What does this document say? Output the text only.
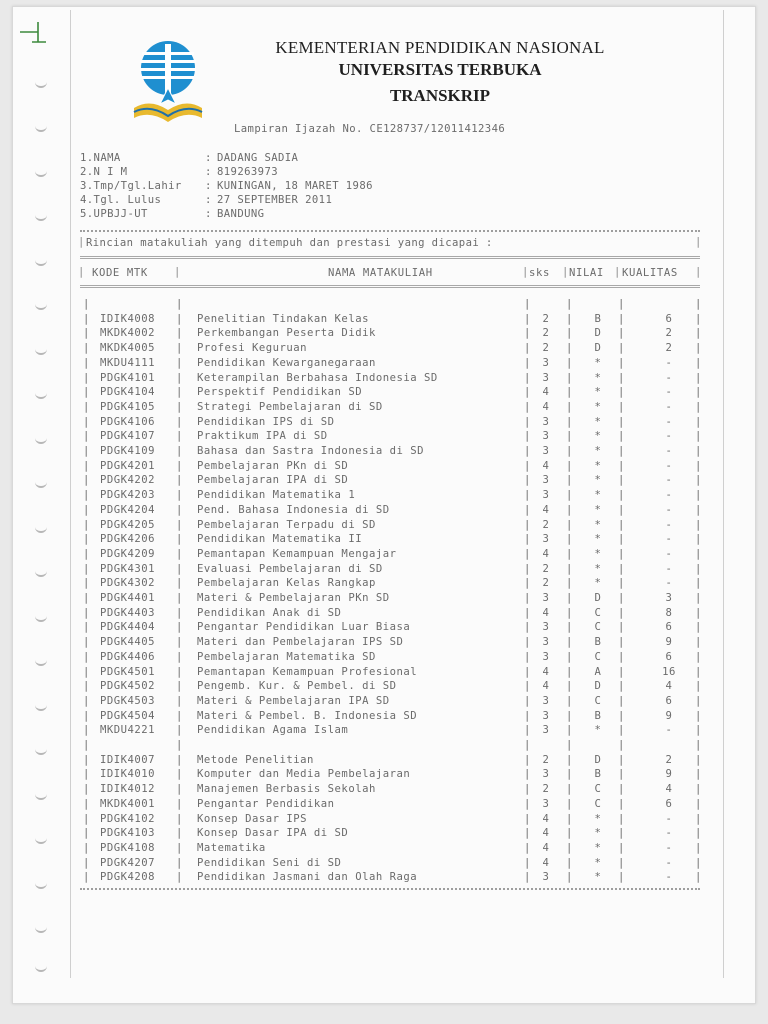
KEMENTERIAN PENDIDIKAN NASIONAL
UNIVERSITAS TERBUKA
TRANSKRIP
Lampiran Ijazah No. CE128737/12011412346
1.NAMA	: DADANG SADIA
2.N I M	: 819263973
3.Tmp/Tgl.Lahir : KUNINGAN, 18 MARET 1986
4.Tgl. Lulus	: 27 SEPTEMBER 2011
5.UPBJJ-UT	: BANDUNG
| Rincian matakuliah yang ditempuh dan prestasi yang dicapai :	|
| KODE MTK |	NAMA MATAKULIAH	| sks | NILAI | KUALITAS |
|	|	|	|	|	|
|	|	|	|	|	|
IDIK4008	Penelitian Tindakan Kelas	2	B	6
|	|	|	|	|	|
MKDK4002	Perkembangan Peserta Didik	2	D	2
|	|	|	|	|	|
MKDK4005	Profesi Keguruan	2	D	2
|	|	|	|	|	|
MKDU4111	Pendidikan Kewarganegaraan	3	*	-
|	|	|	|	|	|
PDGK4101	Keterampilan Berbahasa Indonesia SD	3	*	-
|	|	|	|	|	|
PDGK4104	Perspektif Pendidikan SD	4	*	-
|	|	|	|	|	|
PDGK4105	Strategi Pembelajaran di SD	4	*	-
|	|	|	|	|	|
PDGK4106	Pendidikan IPS di SD	3	*	-
|	|	|	|	|	|
PDGK4107	Praktikum IPA di SD	3	*	-
|	|	|	|	|	|
PDGK4109	Bahasa dan Sastra Indonesia di SD	3	*	-
|	|	|	|	|	|
PDGK4201	Pembelajaran PKn di SD	4	*	-
|	|	|	|	|	|
PDGK4202	Pembelajaran IPA di SD	3	*	-
|	|	|	|	|	|
PDGK4203	Pendidikan Matematika 1	3	*	-
|	|	|	|	|	|
PDGK4204	Pend. Bahasa Indonesia di SD	4	*	-
|	|	|	|	|	|
PDGK4205	Pembelajaran Terpadu di SD	2	*	-
|	|	|	|	|	|
PDGK4206	Pendidikan Matematika II	3	*	-
|	|	|	|	|	|
PDGK4209	Pemantapan Kemampuan Mengajar	4	*	-
|	|	|	|	|	|
PDGK4301	Evaluasi Pembelajaran di SD	2	*	-
|	|	|	|	|	|
PDGK4302	Pembelajaran Kelas Rangkap	2	*	-
|	|	|	|	|	|
PDGK4401	Materi & Pembelajaran PKn SD	3	D	3
|	|	|	|	|	|
PDGK4403	Pendidikan Anak di SD	4	C	8
|	|	|	|	|	|
PDGK4404	Pengantar Pendidikan Luar Biasa	3	C	6
|	|	|	|	|	|
PDGK4405	Materi dan Pembelajaran IPS SD	3	B	9
|	|	|	|	|	|
PDGK4406	Pembelajaran Matematika SD	3	C	6
|	|	|	|	|	|
PDGK4501	Pemantapan Kemampuan Profesional	4	A	16
|	|	|	|	|	|
PDGK4502	Pengemb. Kur. & Pembel. di SD	4	D	4
|	|	|	|	|	|
PDGK4503	Materi & Pembelajaran IPA SD	3	C	6
|	|	|	|	|	|
PDGK4504	Materi & Pembel. B. Indonesia SD	3	B	9
|	|	|	|	|	|
MKDU4221	Pendidikan Agama Islam	3	*	-
|	|	|	|	|	|
|	|	|	|	|	|
IDIK4007	Metode Penelitian	2	D	2
|	|	|	|	|	|
IDIK4010	Komputer dan Media Pembelajaran	3	B	9
|	|	|	|	|	|
IDIK4012	Manajemen Berbasis Sekolah	2	C	4
|	|	|	|	|	|
MKDK4001	Pengantar Pendidikan	3	C	6
|	|	|	|	|	|
PDGK4102	Konsep Dasar IPS	4	*	-
|	|	|	|	|	|
PDGK4103	Konsep Dasar IPA di SD	4	*	-
|	|	|	|	|	|
PDGK4108	Matematika	4	*	-
|	|	|	|	|	|
PDGK4207	Pendidikan Seni di SD	4	*	-
|	|	|	|	|	|
PDGK4208	Pendidikan Jasmani dan Olah Raga	3	*	-
